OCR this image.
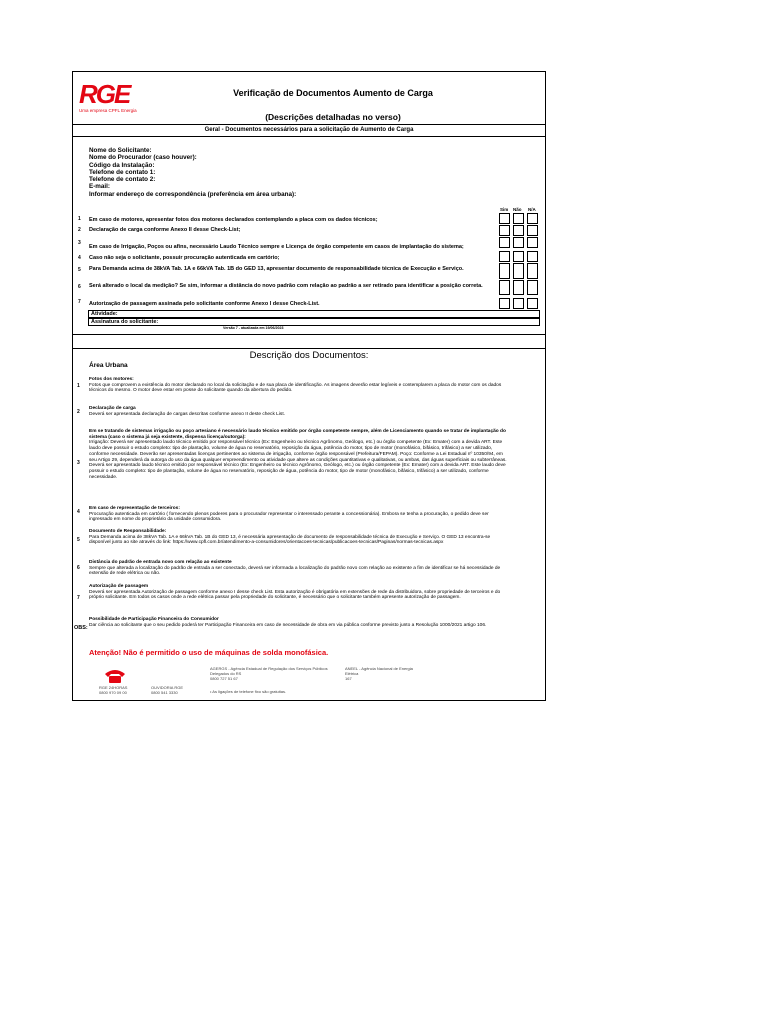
RGE
Uma empresa CPFL Energia
Verificação de Documentos Aumento de Carga
(Descrições detalhadas no verso)
Geral - Documentos necessários para a solicitação de Aumento de Carga
Nome do Solicitante:
Nome do Procurador (caso houver):
Código da Instalação:
Telefone de contato 1:
Telefone de contato 2:
E-mail:
Informar endereço de correspondência (preferência em área urbana):
Sim Não N/A
1 Em caso de motores, apresentar fotos dos motores declarados contemplando a placa com os dados técnicos;
2 Declaração de carga conforme Anexo II desse Check-List;
3
Em caso de Irrigação, Poços ou afins, necessário Laudo Técnico sempre e Licença de órgão competente em casos de implantação do sistema;
4 Caso não seja o solicitante, possuir procuração autenticada em cartório;
5 Para Demanda acima de 38kVA Tab. 1A e 66kVA Tab. 1B do GED 13, apresentar documento de responsabilidade técnica de Execução e Serviço.
6 Será alterado o local da medição? Se sim, informar a distância do novo padrão com relação ao padrão a ser retirado para identificar a posição correta.
7 Autorização de passagem assinada pelo solicitante conforme Anexo I desse Check-List.
Atividade:
Assinatura do solicitante:
Versão 7 - atualizada em 19/06/2023
Descrição dos Documentos:
Área Urbana
1
Fotos dos motores:
Fotos que comprovem a existência do motor declarado no local da solicitação e de sua placa de identificação. As imagens deverão estar legíveis e contemplarem a placa do motor com os dados técnicos do mesmo. O motor deve estar em posse do solicitante quando da abertura do pedido.
2
Declaração de carga
Deverá ser apresentada declaração de cargas descritas conforme anexo II deste check List.
3
Em se tratando de sistemas irrigação ou poço artesiano é necessário laudo técnico emitido por órgão competente sempre, além de Licenciamento quando se tratar de implantação do sistema (caso o sistema já seja existente, dispensa licença/outorga):
Irrigação: Deverá ser apresentado laudo técnico emitido por responsável técnico (Ex: Engenheiro ou técnico Agrônomo, Geólogo, etc.) ou órgão competente (Ex: Emater) com a devida ART. Este laudo deve possuir o estudo completo: tipo de plantação, volume de água no reservatório, reposição da água, potência do motor, tipo de motor (monofásico, bifásico, trifásico) a ser utilizado, conforme necessidade. Deverão ser apresentadas licenças pertinentes ao sistema de irrigação, conforme órgão responsável (Prefeitura/FEPAM). Poço: Conforme a Lei Estadual nº 10350/94, em seu Artigo 29, dependerá da outorga do uso da água qualquer empreendimento ou atividade que altere as condições quantitativas e qualitativas, ou ambas, das águas superficiais ou subterrâneas. Deverá ser apresentado laudo técnico emitido por responsável técnico (Ex: Engenheiro ou técnico Agrônomo, Geólogo, etc.) ou órgão competente (Ex: Emater) com a devida ART. Este laudo deve possuir o estudo completo: tipo de plantação, volume de água no reservatório, reposição de água, potência do motor, tipo de motor (monofásico, bifásico, trifásico) a ser utilizado, conforme necessidade.
4
Em caso de representação de terceiros:
Procuração autenticada em cartório ( fornecendo plenos poderes para o procurador representar o interessado perante a concessionária). Embora se tenha a procuração, o pedido deve ser ingressado em nome do proprietário da unidade consumidora.
5
Documento de Responsabilidade:
Para Demanda acima de 38kVA Tab. 1A e 66kVA Tab. 1B do GED 13, é necessária apresentação de documento de responsabilidade técnica de Execução e Serviço. O GED 13 encontra-se disponível junto ao site através do link: https://www.cpfl.com.br/atendimento-a-consumidores/orientacoes-tecnicas/publicacoes-tecnicas/Paginas/normas-tecnicas.aspx
6
Distância do padrão de entrada novo com relação ao existente
Sempre que alterada a localização do padrão de entrada a ser conectado, deverá ser informada a localização do padrão novo com relação ao existente a fim de identificar se há necessidade de extensão de rede elétrica ou não.
7
Autorização de passagem
Deverá ser apresentada Autorização de passagem conforme anexo I desse check List. Esta autorização é obrigatória em extensões de rede da distribuidora, sobre propriedade de terceiros e do próprio solicitante. Em todos os casos onde a rede elétrica passar pela propriedade do solicitante, é necessário que o solicitante também apresente autorização de passagem.
OBS:
Possibilidade de Participação Financeira do Consumidor
Dar ciência ao solicitante que o seu pedido poderá ter Participação Financeira em caso de necessidade de obra em via pública conforme previsto junto a Resolução 1000/2021 artigo 106.
Atenção! Não é permitido o uso de máquinas de solda monofásica.
RGE 24HORAS
0800 970 09 00
OUVIDORIA RGE
0800 541 3330
AGERGS - Agência Estadual de Regulação dos Serviços Públicos Delegados do RS
0800 727 51 67
ANEEL - Agência Nacional de Energia Elétrica
167
• As ligações de telefone fixo são gratuitas.
